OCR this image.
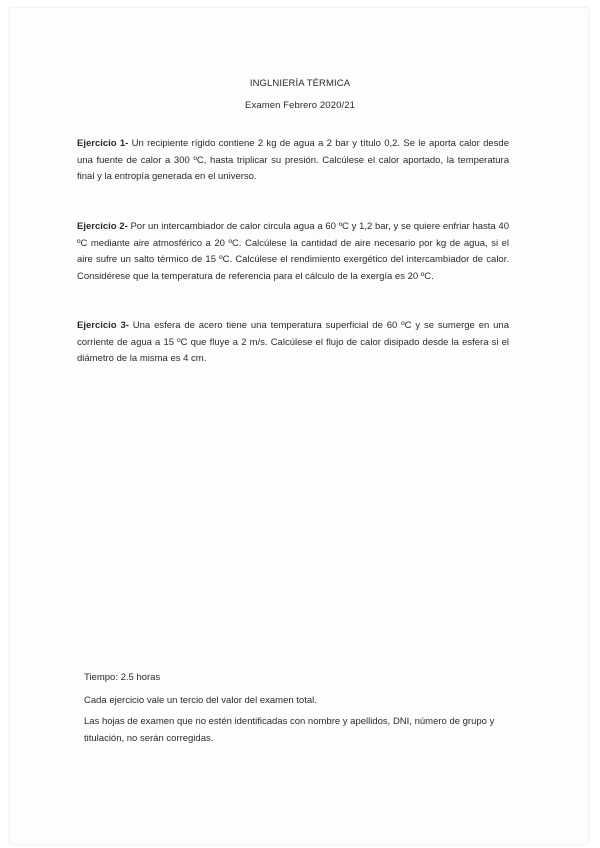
INGLNIERÍA TÉRMICA
Examen Febrero 2020/21
Ejercicio 1- Un recipiente rígido contiene 2 kg de agua a 2 bar y título 0,2. Se le aporta calor desde una fuente de calor a 300 ºC, hasta triplicar su presión. Calcúlese el calor aportado, la temperatura final y la entropía generada en el universo.
Ejercicio 2- Por un intercambiador de calor circula agua a 60 ºC y 1,2 bar, y se quiere enfriar hasta 40 ºC mediante aire atmosférico a 20 ºC. Calcúlese la cantidad de aire necesario por kg de agua, si el aire sufre un salto térmico de 15 ºC. Calcúlese el rendimiento exergético del intercambiador de calor. Considérese que la temperatura de referencia para el cálculo de la exergía es 20 ºC.
Ejercicio 3- Una esfera de acero tiene una temperatura superficial de 60 ºC y se sumerge en una corriente de agua a 15 ºC que fluye a 2 m/s. Calcúlese el flujo de calor disipado desde la esfera si el diámetro de la misma es 4 cm.
Tiempo: 2.5 horas
Cada ejercicio vale un tercio del valor del examen total.
Las hojas de examen que no estén identificadas con nombre y apellidos, DNI, número de grupo y titulación, no serán corregidas.
